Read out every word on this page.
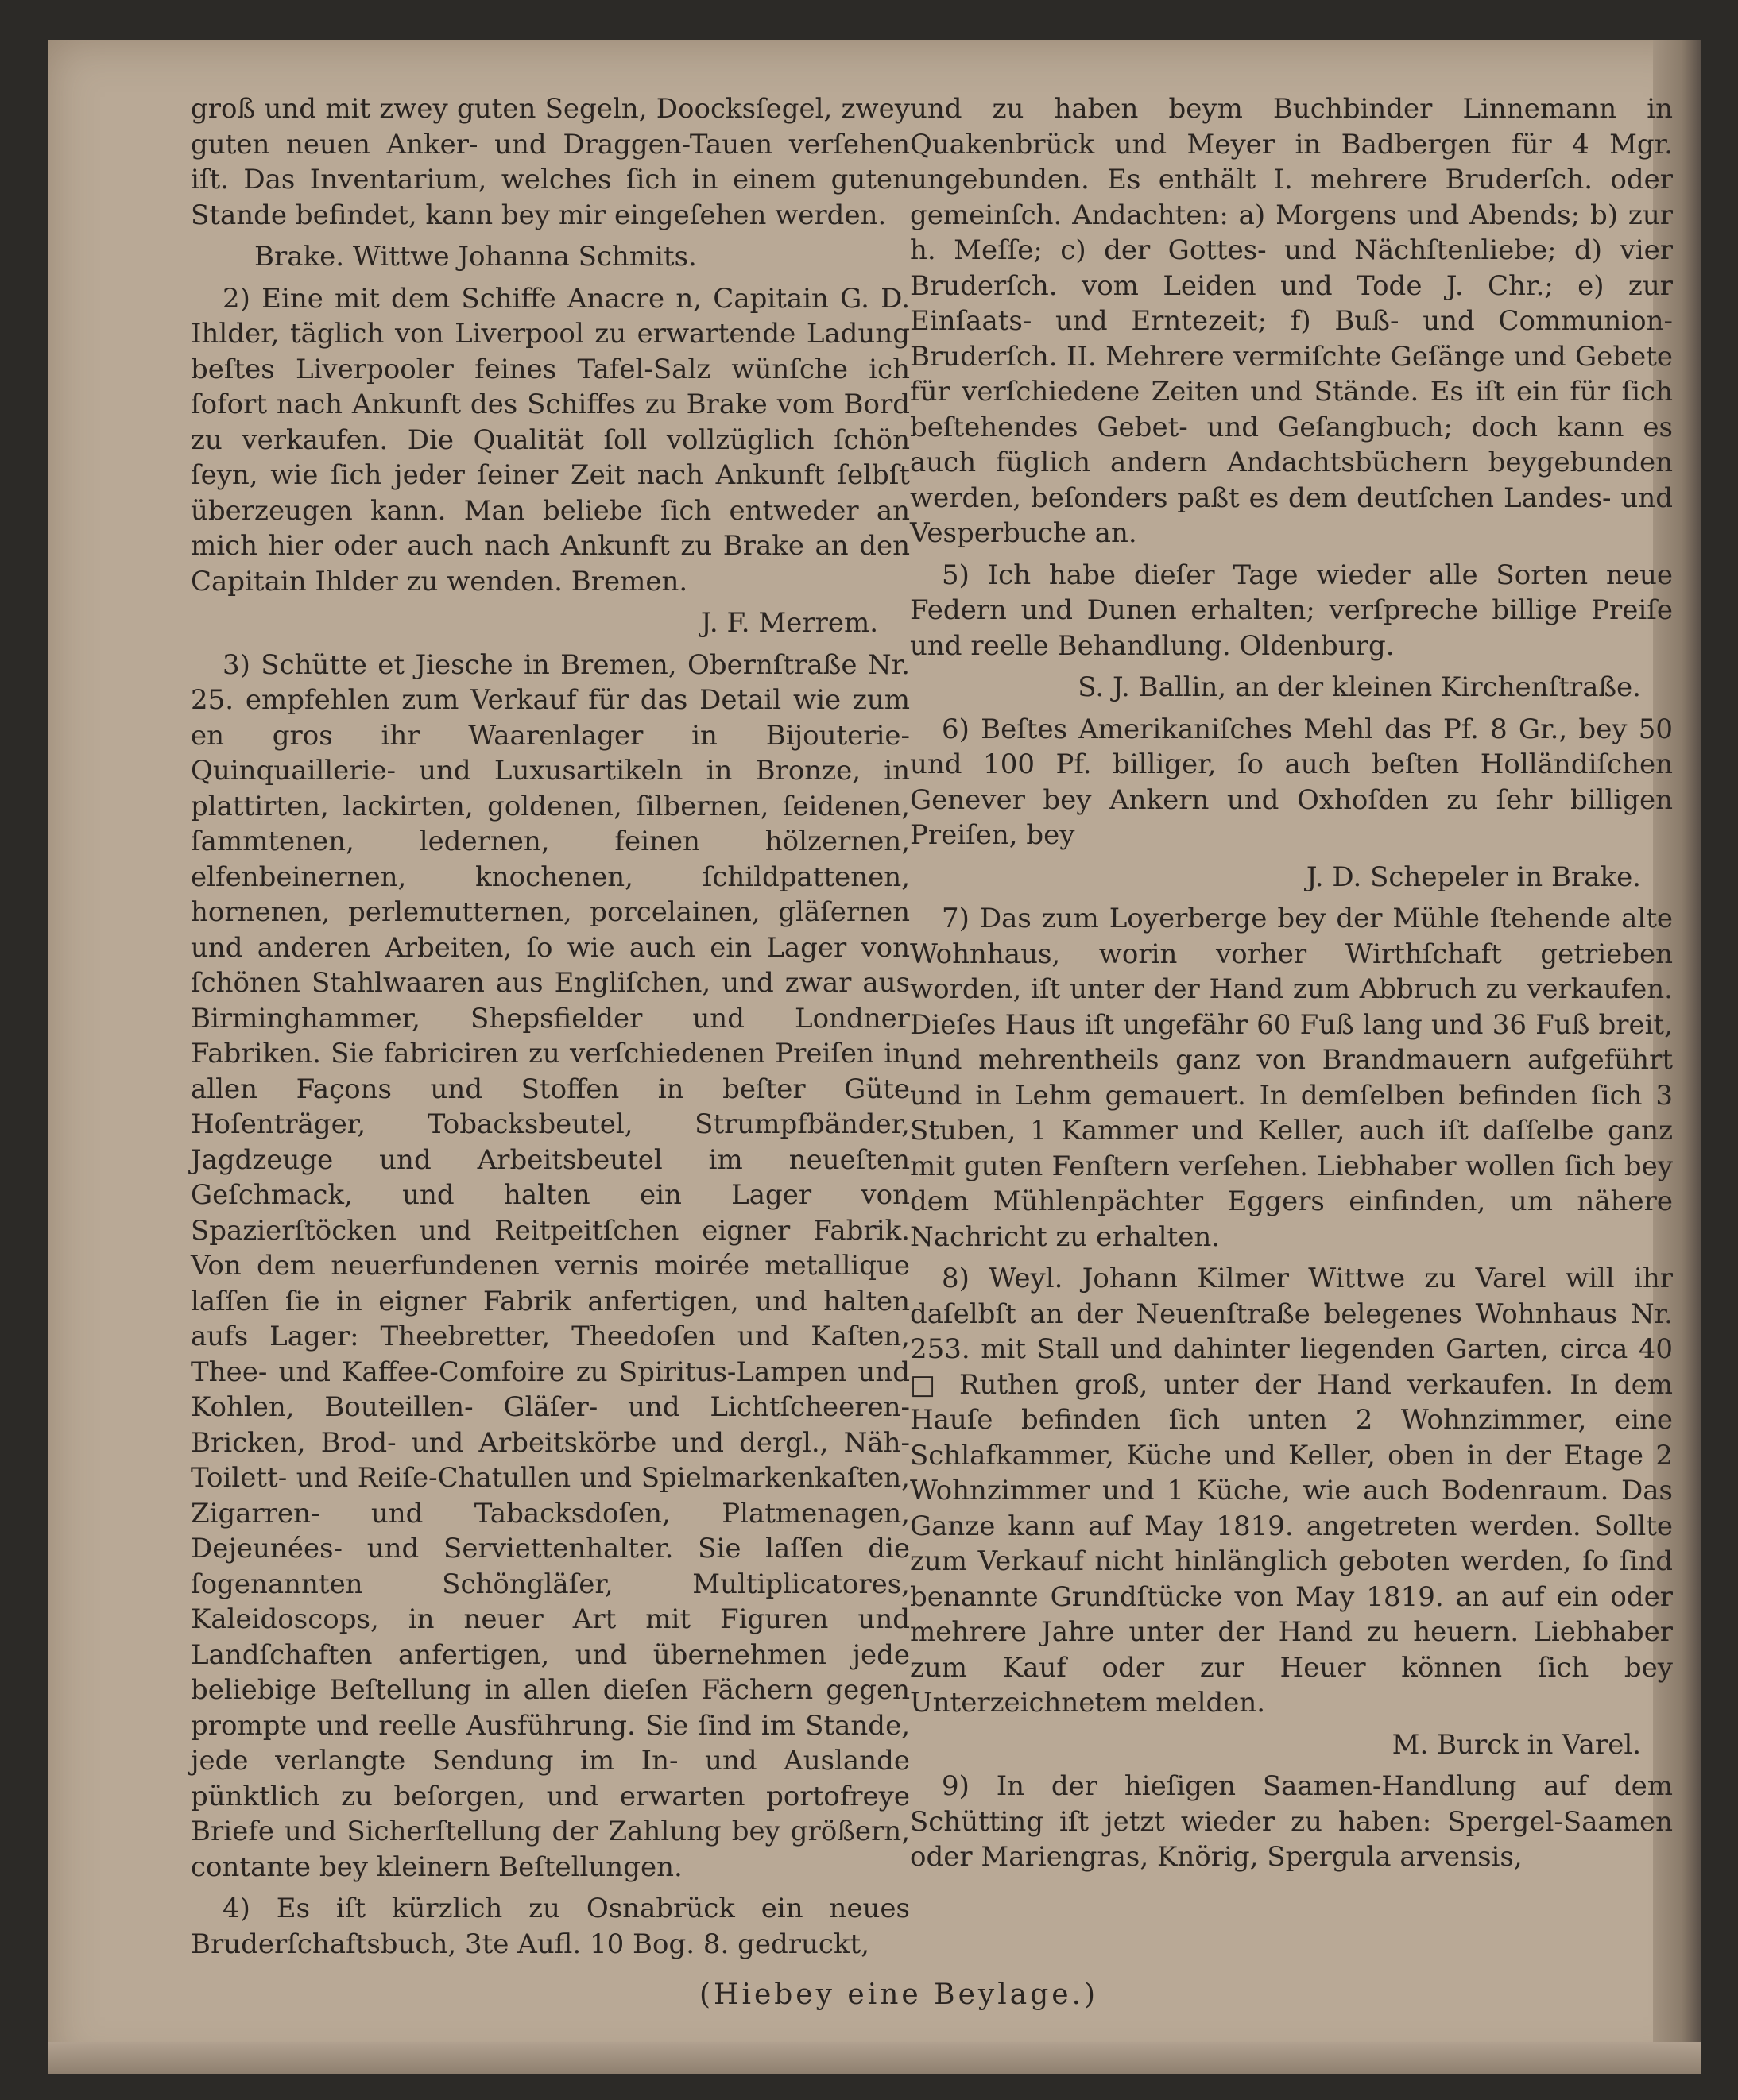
groß und mit zwey guten Segeln, Doocksſegel, zwey guten neuen Anker- und Draggen-Tauen verſehen iſt. Das Inventarium, welches ſich in einem guten Stande befindet, kann bey mir eingeſehen werden.

Brake. Wittwe Johanna Schmits.

2) Eine mit dem Schiffe Anacre n, Capitain G. D. Ihlder, täglich von Liverpool zu erwartende Ladung beſtes Liverpooler feines Tafel-Salz wünſche ich ſofort nach Ankunft des Schiffes zu Brake vom Bord zu verkaufen. Die Qualität ſoll vollzüglich ſchön ſeyn, wie ſich jeder ſeiner Zeit nach Ankunft ſelbſt überzeugen kann. Man beliebe ſich entweder an mich hier oder auch nach Ankunft zu Brake an den Capitain Ihlder zu wenden. Bremen.

J. F. Merrem.

3) Schütte et Jiesche in Bremen, Obernſtraße Nr. 25. empfehlen zum Verkauf für das Detail wie zum en gros ihr Waarenlager in Bijouterie- Quinquaillerie- und Luxusartikeln in Bronze, in plattirten, lackirten, goldenen, ſilbernen, ſeidenen, ſammtenen, ledernen, feinen hölzernen, elfenbeinernen, knochenen, ſchildpattenen, hornenen, perlemutternen, porcelainen, gläſernen und anderen Arbeiten, ſo wie auch ein Lager von ſchönen Stahlwaaren aus Engliſchen, und zwar aus Birminghammer, Shepsfielder und Londner Fabriken. Sie fabriciren zu verſchiedenen Preiſen in allen Façons und Stoffen in beſter Güte Hoſenträger, Tobacksbeutel, Strumpfbänder, Jagdzeuge und Arbeitsbeutel im neueſten Geſchmack, und halten ein Lager von Spazierſtöcken und Reitpeitſchen eigner Fabrik. Von dem neuerfundenen vernis moirée metallique laſſen ſie in eigner Fabrik anfertigen, und halten aufs Lager: Theebretter, Theedoſen und Kaſten, Thee- und Kaffee-Comfoire zu Spiritus-Lampen und Kohlen, Bouteillen- Gläſer- und Lichtſcheeren-Bricken, Brod- und Arbeitskörbe und dergl., Näh- Toilett- und Reiſe-Chatullen und Spielmarkenkaſten, Zigarren- und Tabacksdoſen, Platmenagen, Dejeunées- und Serviettenhalter. Sie laſſen die ſogenannten Schöngläſer, Multiplicatores, Kaleidoscops, in neuer Art mit Figuren und Landſchaften anfertigen, und übernehmen jede beliebige Beſtellung in allen dieſen Fächern gegen prompte und reelle Ausführung. Sie ſind im Stande, jede verlangte Sendung im In- und Auslande pünktlich zu beſorgen, und erwarten portofreye Briefe und Sicherſtellung der Zahlung bey größern, contante bey kleinern Beſtellungen.

4) Es iſt kürzlich zu Osnabrück ein neues Bruderſchaftsbuch, 3te Aufl. 10 Bog. 8. gedruckt,

und zu haben beym Buchbinder Linnemann in Quakenbrück und Meyer in Badbergen für 4 Mgr. ungebunden. Es enthält I. mehrere Bruderſch. oder gemeinſch. Andachten: a) Morgens und Abends; b) zur h. Meſſe; c) der Gottes- und Nächſtenliebe; d) vier Bruderſch. vom Leiden und Tode J. Chr.; e) zur Einſaats- und Erntezeit; f) Buß- und Communion-Bruderſch. II. Mehrere vermiſchte Geſänge und Gebete für verſchiedene Zeiten und Stände. Es iſt ein für ſich beſtehendes Gebet- und Geſangbuch; doch kann es auch füglich andern Andachtsbüchern beygebunden werden, beſonders paßt es dem deutſchen Landes- und Vesperbuche an.

5) Ich habe dieſer Tage wieder alle Sorten neue Federn und Dunen erhalten; verſpreche billige Preiſe und reelle Behandlung. Oldenburg.

S. J. Ballin, an der kleinen Kirchenſtraße.

6) Beſtes Amerikaniſches Mehl das Pf. 8 Gr., bey 50 und 100 Pf. billiger, ſo auch beſten Holländiſchen Genever bey Ankern und Oxhoſden zu ſehr billigen Preiſen, bey

J. D. Schepeler in Brake.

7) Das zum Loyerberge bey der Mühle ſtehende alte Wohnhaus, worin vorher Wirthſchaft getrieben worden, iſt unter der Hand zum Abbruch zu verkaufen. Dieſes Haus iſt ungefähr 60 Fuß lang und 36 Fuß breit, und mehrentheils ganz von Brandmauern aufgeführt und in Lehm gemauert. In demſelben befinden ſich 3 Stuben, 1 Kammer und Keller, auch iſt daſſelbe ganz mit guten Fenſtern verſehen. Liebhaber wollen ſich bey dem Mühlenpächter Eggers einfinden, um nähere Nachricht zu erhalten.

8) Weyl. Johann Kilmer Wittwe zu Varel will ihr daſelbſt an der Neuenſtraße belegenes Wohnhaus Nr. 253. mit Stall und dahinter liegenden Garten, circa 40 □ Ruthen groß, unter der Hand verkaufen. In dem Hauſe befinden ſich unten 2 Wohnzimmer, eine Schlafkammer, Küche und Keller, oben in der Etage 2 Wohnzimmer und 1 Küche, wie auch Bodenraum. Das Ganze kann auf May 1819. angetreten werden. Sollte zum Verkauf nicht hinlänglich geboten werden, ſo ſind benannte Grundſtücke von May 1819. an auf ein oder mehrere Jahre unter der Hand zu heuern. Liebhaber zum Kauf oder zur Heuer können ſich bey Unterzeichnetem melden.

M. Burck in Varel.

9) In der hieſigen Saamen-Handlung auf dem Schütting iſt jetzt wieder zu haben: Spergel-Saamen oder Mariengras, Knörig, Spergula arvensis,

(Hiebey eine Beylage.)
